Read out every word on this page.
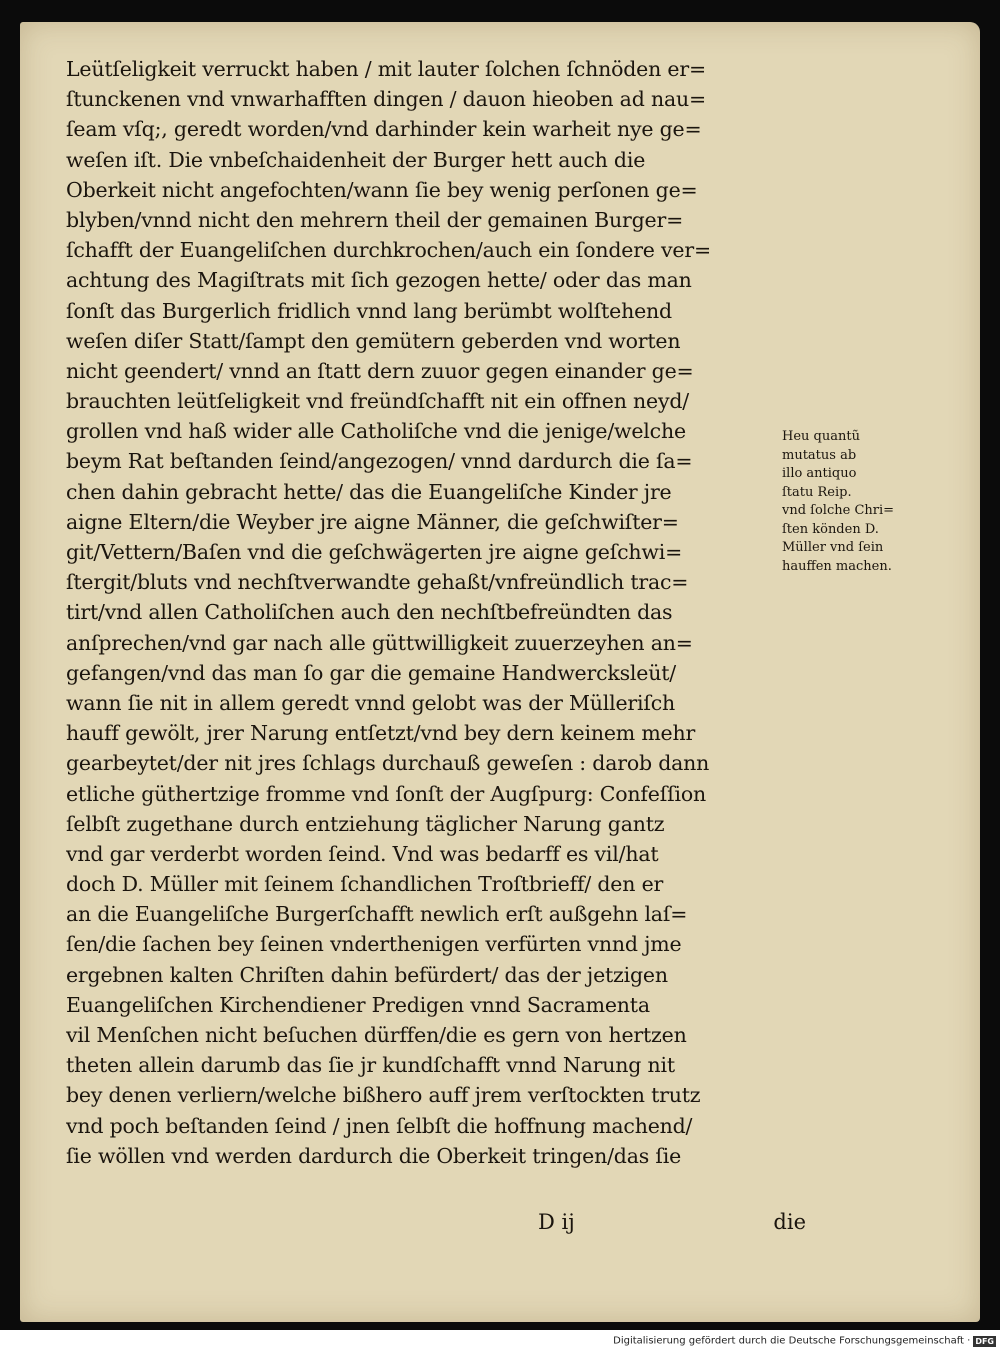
Leütſeligkeit verruckt haben / mit lauter ſolchen ſchnöden er=
ſtunckenen vnd vnwarhafften dingen / dauon hieoben ad nau=
ſeam vſq;, geredt worden/vnd darhinder kein warheit nye ge=
weſen iſt. Die vnbeſchaidenheit der Burger hett auch die
Oberkeit nicht angefochten/wann ſie bey wenig perſonen ge=
blyben/vnnd nicht den mehrern theil der gemainen Burger=
ſchafft der Euangeliſchen durchkrochen/auch ein ſondere ver=
achtung des Magiſtrats mit ſich gezogen hette/ oder das man
ſonſt das Burgerlich fridlich vnnd lang berümbt wolſtehend
weſen diſer Statt/ſampt den gemütern geberden vnd worten
nicht geendert/ vnnd an ſtatt dern zuuor gegen einander ge=
brauchten leütſeligkeit vnd freündſchafft nit ein offnen neyd/
grollen vnd haß wider alle Catholiſche vnd die jenige/welche
beym Rat beſtanden ſeind/angezogen/ vnnd dardurch die ſa=
chen dahin gebracht hette/ das die Euangeliſche Kinder jre
aigne Eltern/die Weyber jre aigne Männer, die geſchwiſter=
git/Vettern/Baſen vnd die geſchwägerten jre aigne geſchwi=
ſtergit/bluts vnd nechſtverwandte gehaßt/vnfreündlich trac=
tirt/vnd allen Catholiſchen auch den nechſtbefreündten das
anſprechen/vnd gar nach alle güttwilligkeit zuuerzeyhen an=
gefangen/vnd das man ſo gar die gemaine Handwercksleüt/
wann ſie nit in allem geredt vnnd gelobt was der Mülleriſch
hauff gewölt, jrer Narung entſetzt/vnd bey dern keinem mehr
gearbeytet/der nit jres ſchlags durchauß geweſen : darob dann
etliche güthertzige fromme vnd ſonſt der Augſpurg: Confeſſion
ſelbſt zugethane durch entziehung täglicher Narung gantz
vnd gar verderbt worden ſeind. Vnd was bedarff es vil/hat
doch D. Müller mit ſeinem ſchandlichen Troſtbrieff/ den er
an die Euangeliſche Burgerſchafft newlich erſt außgehn laſ=
ſen/die ſachen bey ſeinen vnderthenigen verfürten vnnd jme
ergebnen kalten Chriſten dahin befürdert/ das der jetzigen
Euangeliſchen Kirchendiener Predigen vnnd Sacramenta
vil Menſchen nicht beſuchen dürffen/die es gern von hertzen
theten allein darumb das ſie jr kundſchafft vnnd Narung nit
bey denen verliern/welche bißhero auff jrem verſtockten trutz
vnd poch beſtanden ſeind / jnen ſelbſt die hoffnung machend/
ſie wöllen vnd werden dardurch die Oberkeit tringen/das ſie
Heu quantũ
mutatus ab
illo antiquo
ſtatu Reip.
vnd ſolche Chri=
ſten könden D.
Müller vnd ſein
hauffen machen.
D ij	die
Digitalisierung gefördert durch die Deutsche Forschungsgemeinschaft · DFG
